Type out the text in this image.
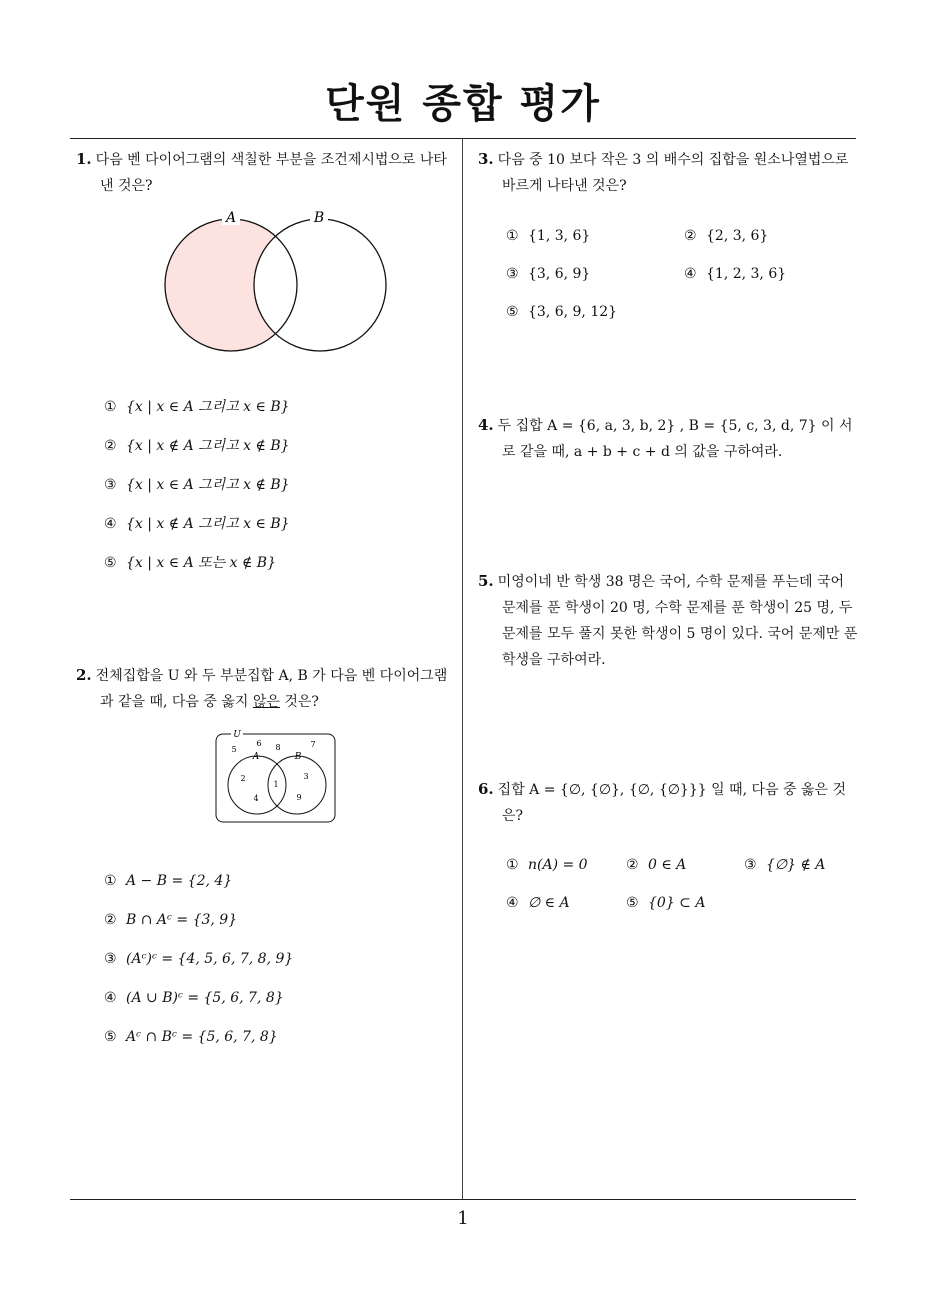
단원 종합 평가
1
1. 다음 벤 다이어그램의 색칠한 부분을 조건제시법으로 나타낸 것은?
A	B
① {x | x ∈ A 그리고 x ∈ B}
② {x | x ∉ A 그리고 x ∉ B}
③ {x | x ∈ A 그리고 x ∉ B}
④ {x | x ∉ A 그리고 x ∈ B}
⑤ {x | x ∈ A 또는 x ∉ B}
2. 전체집합을 U 와 두 부분집합 A, B 가 다음 벤 다이어그램과 같을 때, 다음 중 옳지 않은 것은?
U
A	B
5
6 8	7
2
4
1
3
9
① A − B = {2, 4}
② B ∩ Aᶜ = {3, 9}
③ (Aᶜ)ᶜ = {4, 5, 6, 7, 8, 9}
④ (A ∪ B)ᶜ = {5, 6, 7, 8}
⑤ Aᶜ ∩ Bᶜ = {5, 6, 7, 8}
3. 다음 중 10 보다 작은 3 의 배수의 집합을 원소나열법으로 바르게 나타낸 것은?
① {1, 3, 6}	② {2, 3, 6}
③ {3, 6, 9}	④ {1, 2, 3, 6}
⑤ {3, 6, 9, 12}
4. 두 집합 A = {6, a, 3, b, 2} , B = {5, c, 3, d, 7} 이 서로 같을 때, a + b + c + d 의 값을 구하여라.
5. 미영이네 반 학생 38 명은 국어, 수학 문제를 푸는데 국어 문제를 푼 학생이 20 명, 수학 문제를 푼 학생이 25 명, 두 문제를 모두 풀지 못한 학생이 5 명이 있다. 국어 문제만 푼 학생을 구하여라.
6. 집합 A = {∅, {∅}, {∅, {∅}}} 일 때, 다음 중 옳은 것은?
① n(A) = 0	② 0 ∈ A	③ {∅} ∉ A
④ ∅ ∈ A	⑤ {0} ⊂ A
